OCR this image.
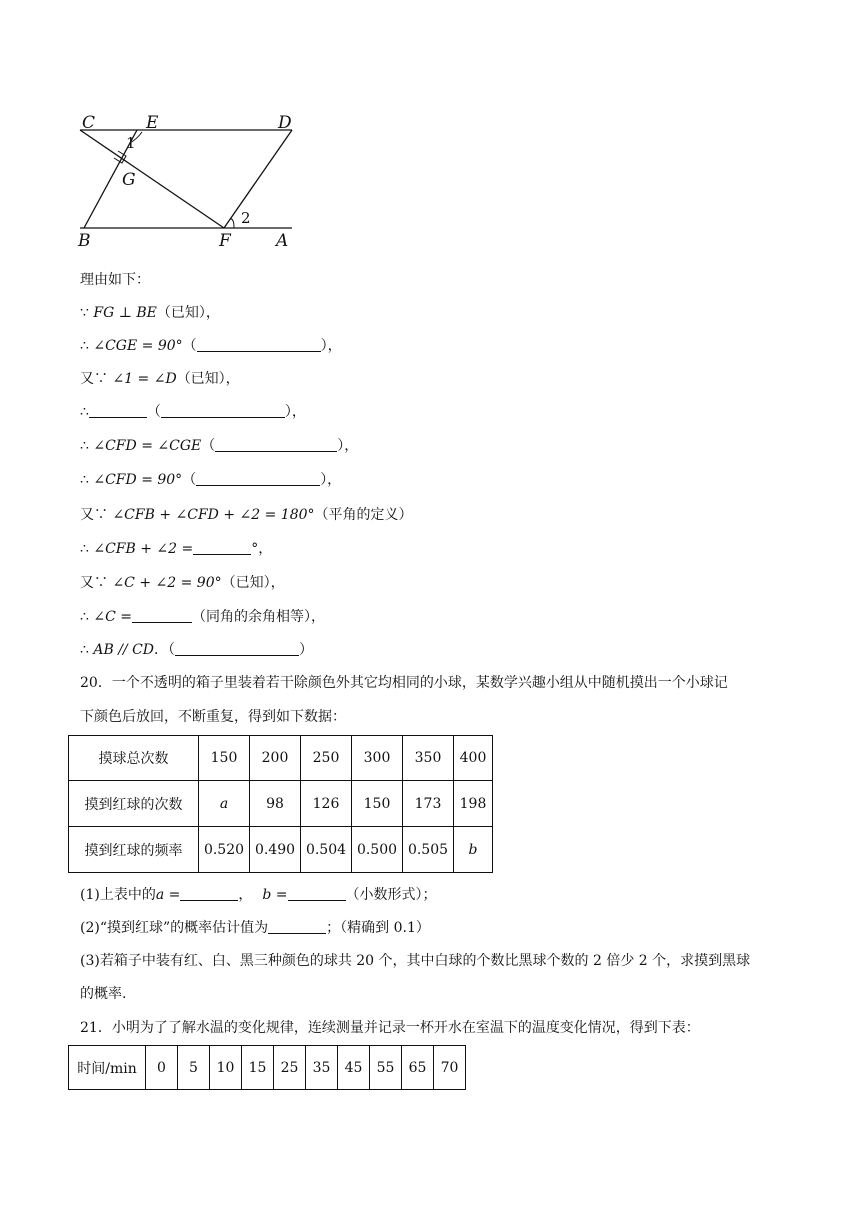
C	E	D
1
G
2
B	F	A
理由如下：
∵ FG ⊥ BE（已知），
∴ ∠CGE = 90°（	），
又∵ ∠1 = ∠D（已知），
∴	（	），
∴ ∠CFD = ∠CGE（	），
∴ ∠CFD = 90°（	），
又∵ ∠CFB + ∠CFD + ∠2 = 180°（平角的定义）
∴ ∠CFB + ∠2 =	°，
又∵ ∠C + ∠2 = 90°（已知），
∴ ∠C =	（同角的余角相等），
∴ AB // CD．（	）
20．一个不透明的箱子里装着若干除颜色外其它均相同的小球，某数学兴趣小组从中随机摸出一个小球记
下颜色后放回，不断重复，得到如下数据：
摸球总次数	150	200	250	300	350	400
摸到红球的次数	a	98	126	150	173	198
摸到红球的频率	0.520	0.490	0.504	0.500	0.505	b
(1)上表中的a =	， b =	（小数形式）；
(2)“摸到红球”的概率估计值为	；（精确到 0.1）
(3)若箱子中装有红、白、黑三种颜色的球共 20 个，其中白球的个数比黑球个数的 2 倍少 2 个，求摸到黑球
的概率.
21．小明为了了解水温的变化规律，连续测量并记录一杯开水在室温下的温度变化情况，得到下表：
时间/min	0	5	10	15	25	35	45	55	65	70
